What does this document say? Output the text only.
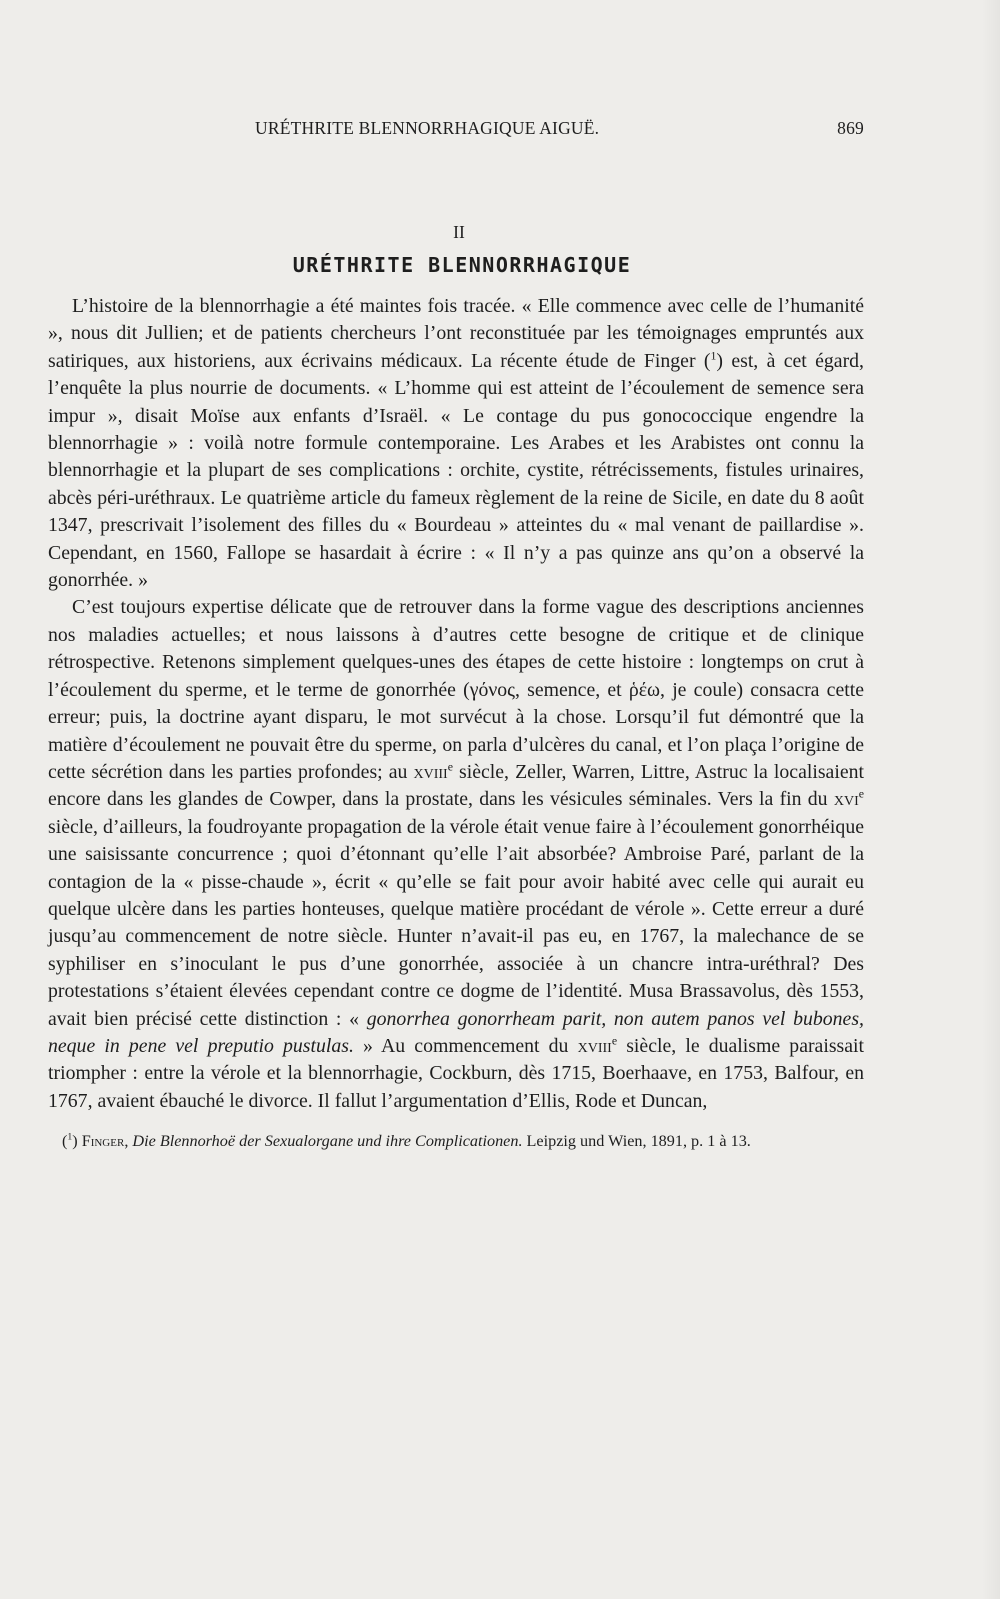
URÉTHRITE BLENNORRHAGIQUE AIGUË.	869
II
URÉTHRITE BLENNORRHAGIQUE

L’histoire de la blennorrhagie a été maintes fois tracée. « Elle commence avec celle de l’humanité », nous dit Jullien; et de patients chercheurs l’ont reconstituée par les témoignages empruntés aux satiriques, aux historiens, aux écrivains médicaux. La récente étude de Finger ($^1$) est, à cet égard, l’enquête la plus nourrie de documents. « L’homme qui est atteint de l’écoulement de semence sera impur », disait Moïse aux enfants d’Israël. « Le contage du pus gonococcique engendre la blennorrhagie » : voilà notre formule contemporaine. Les Arabes et les Arabistes ont connu la blennorrhagie et la plupart de ses complications : orchite, cystite, rétrécissements, fistules urinaires, abcès péri-uréthraux. Le quatrième article du fameux règlement de la reine de Sicile, en date du 8 août 1347, prescrivait l’isolement des filles du « Bourdeau » atteintes du « mal venant de paillardise ». Cependant, en 1560, Fallope se hasardait à écrire : « Il n’y a pas quinze ans qu’on a observé la gonorrhée. »

C’est toujours expertise délicate que de retrouver dans la forme vague des descriptions anciennes nos maladies actuelles; et nous laissons à d’autres cette besogne de critique et de clinique rétrospective. Retenons simplement quelques-unes des étapes de cette histoire : longtemps on crut à l’écoulement du sperme, et le terme de gonorrhée (γόνος, semence, et ῥέω, je coule) consacra cette erreur; puis, la doctrine ayant disparu, le mot survécut à la chose. Lorsqu’il fut démontré que la matière d’écoulement ne pouvait être du sperme, on parla d’ulcères du canal, et l’on plaça l’origine de cette sécrétion dans les parties profondes; au xviii$^e$ siècle, Zeller, Warren, Littre, Astruc la localisaient encore dans les glandes de Cowper, dans la prostate, dans les vésicules séminales. Vers la fin du xvi$^e$ siècle, d’ailleurs, la foudroyante propagation de la vérole était venue faire à l’écoulement gonorrhéique une saisissante concurrence ; quoi d’étonnant qu’elle l’ait absorbée? Ambroise Paré, parlant de la contagion de la « pisse-chaude », écrit « qu’elle se fait pour avoir habité avec celle qui aurait eu quelque ulcère dans les parties honteuses, quelque matière procédant de vérole ». Cette erreur a duré jusqu’au commencement de notre siècle. Hunter n’avait-il pas eu, en 1767, la malechance de se syphiliser en s’inoculant le pus d’une gonorrhée, associée à un chancre intra-uréthral? Des protestations s’étaient élevées cependant contre ce dogme de l’identité. Musa Brassavolus, dès 1553, avait bien précisé cette distinction : « gonorrhea gonorrheam parit, non autem panos vel bubones, neque in pene vel preputio pustulas. » Au commencement du xviii$^e$ siècle, le dualisme paraissait triompher : entre la vérole et la blennorrhagie, Cockburn, dès 1715, Boerhaave, en 1753, Balfour, en 1767, avaient ébauché le divorce. Il fallut l’argumentation d’Ellis, Rode et Duncan,

($^1$) Finger, Die Blennorhoë der Sexualorgane und ihre Complicationen. Leipzig und Wien, 1891, p. 1 à 13.
